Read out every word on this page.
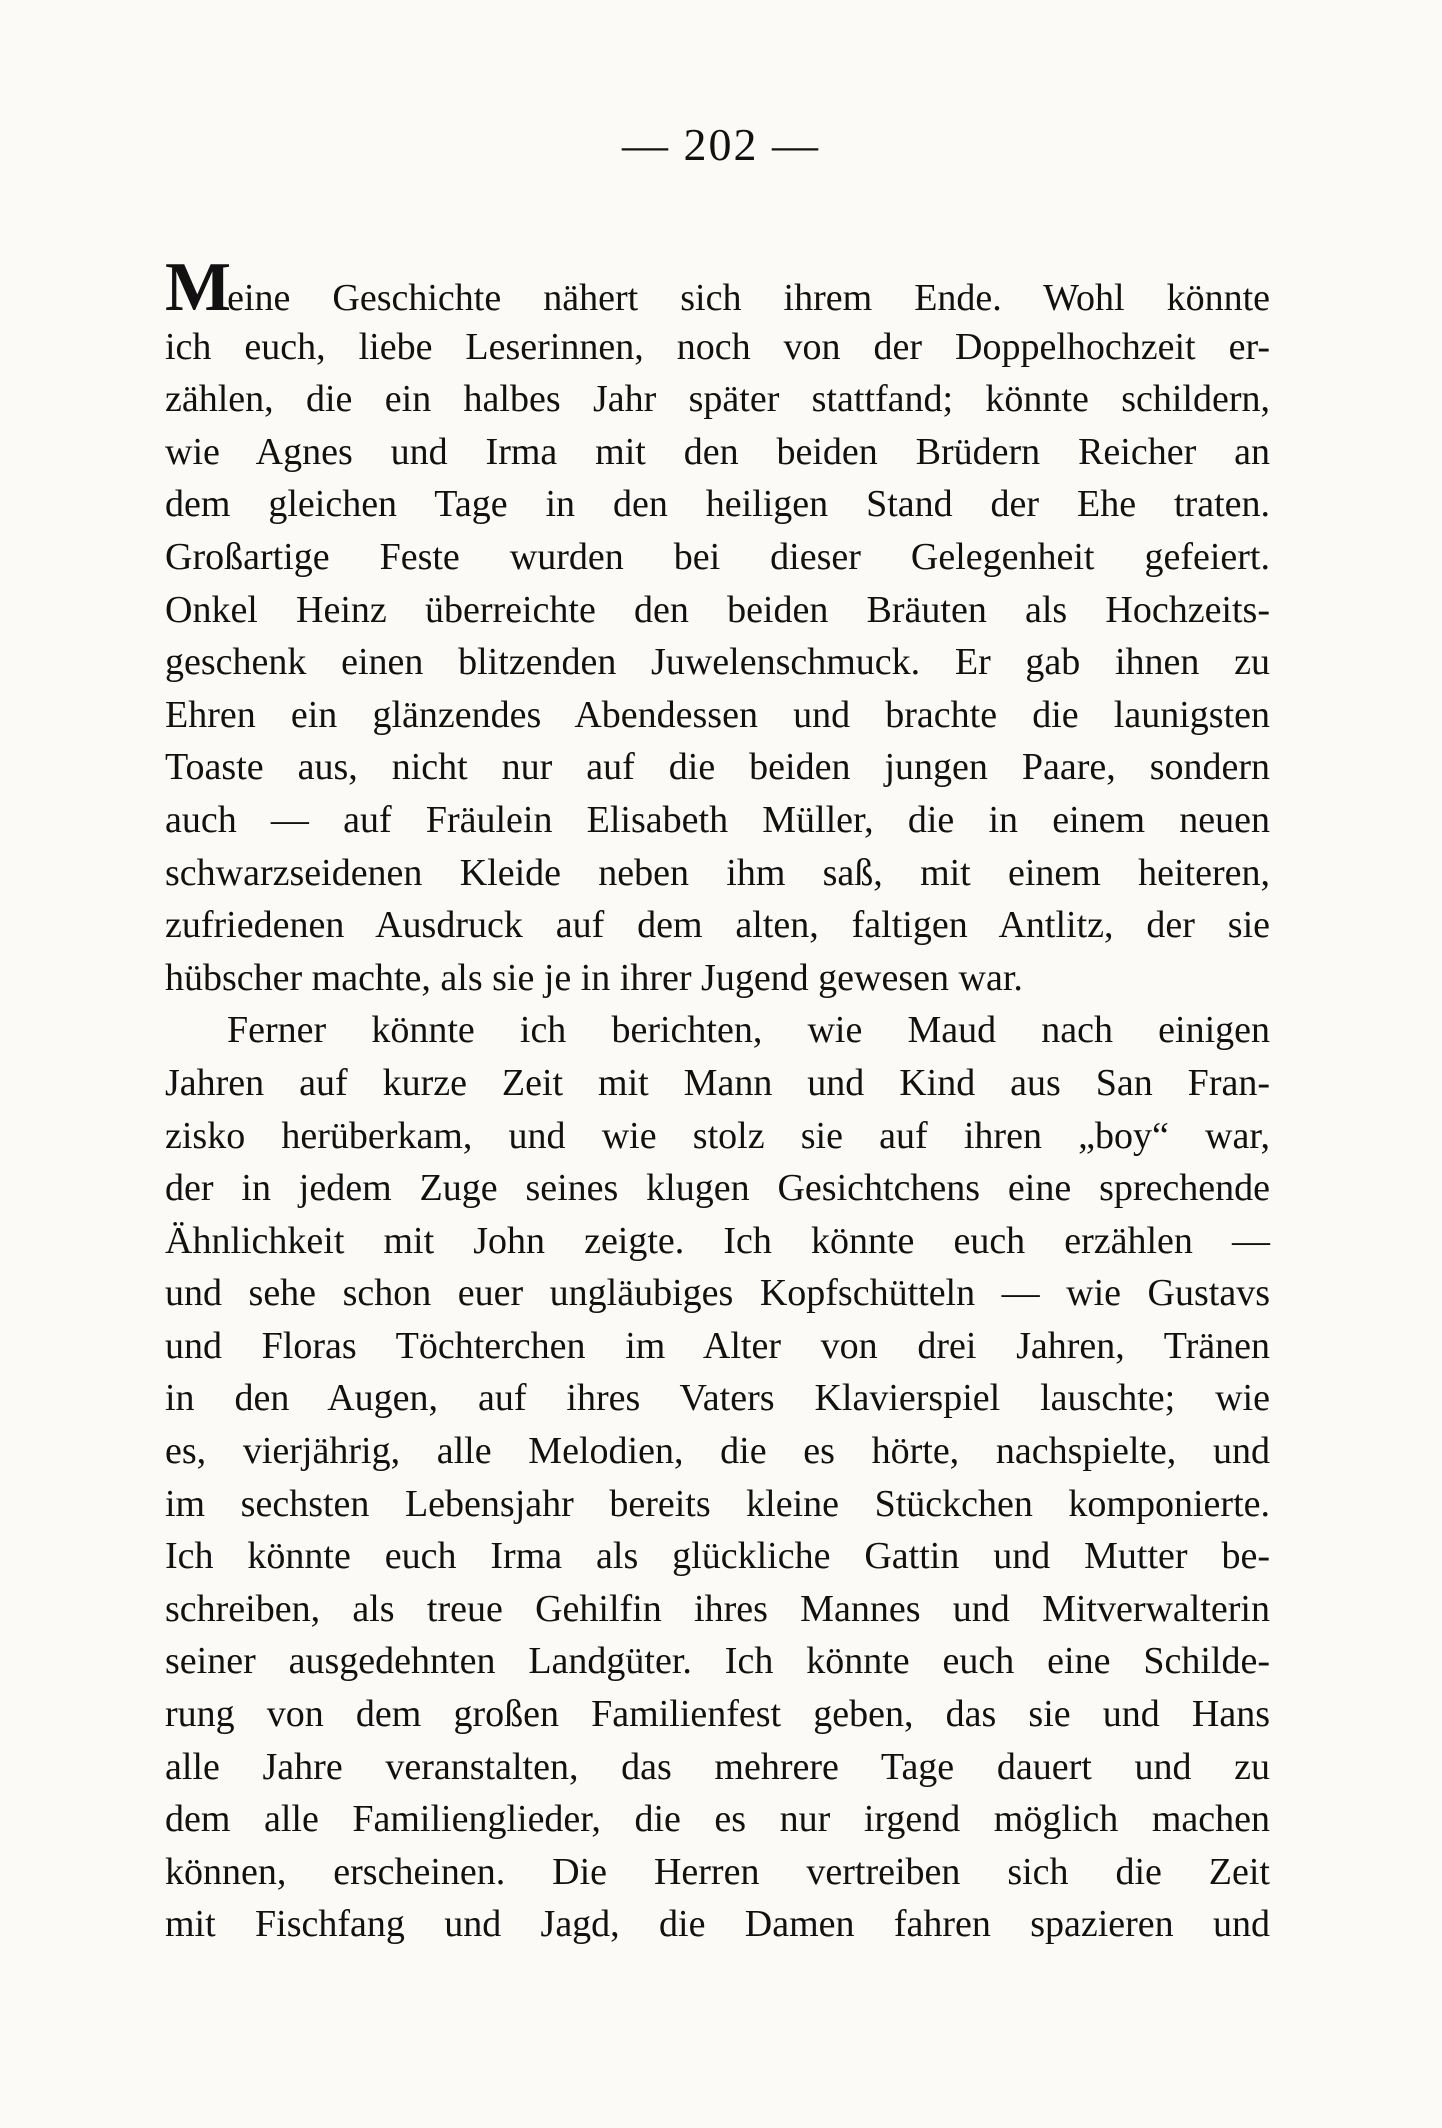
— 202 —
Meine Geschichte nähert sich ihrem Ende. Wohl könnte
ich euch, liebe Leserinnen, noch von der Doppelhochzeit er-
zählen, die ein halbes Jahr später stattfand; könnte schildern,
wie Agnes und Irma mit den beiden Brüdern Reicher an
dem gleichen Tage in den heiligen Stand der Ehe traten.
Großartige Feste wurden bei dieser Gelegenheit gefeiert.
Onkel Heinz überreichte den beiden Bräuten als Hochzeits-
geschenk einen blitzenden Juwelenschmuck. Er gab ihnen zu
Ehren ein glänzendes Abendessen und brachte die launigsten
Toaste aus, nicht nur auf die beiden jungen Paare, sondern
auch — auf Fräulein Elisabeth Müller, die in einem neuen
schwarzseidenen Kleide neben ihm saß, mit einem heiteren,
zufriedenen Ausdruck auf dem alten, faltigen Antlitz, der sie
hübscher machte, als sie je in ihrer Jugend gewesen war.
Ferner könnte ich berichten, wie Maud nach einigen
Jahren auf kurze Zeit mit Mann und Kind aus San Fran-
zisko herüberkam, und wie stolz sie auf ihren „boy“ war,
der in jedem Zuge seines klugen Gesichtchens eine sprechende
Ähnlichkeit mit John zeigte. Ich könnte euch erzählen —
und sehe schon euer ungläubiges Kopfschütteln — wie Gustavs
und Floras Töchterchen im Alter von drei Jahren, Tränen
in den Augen, auf ihres Vaters Klavierspiel lauschte; wie
es, vierjährig, alle Melodien, die es hörte, nachspielte, und
im sechsten Lebensjahr bereits kleine Stückchen komponierte.
Ich könnte euch Irma als glückliche Gattin und Mutter be-
schreiben, als treue Gehilfin ihres Mannes und Mitverwalterin
seiner ausgedehnten Landgüter. Ich könnte euch eine Schilde-
rung von dem großen Familienfest geben, das sie und Hans
alle Jahre veranstalten, das mehrere Tage dauert und zu
dem alle Familienglieder, die es nur irgend möglich machen
können, erscheinen. Die Herren vertreiben sich die Zeit
mit Fischfang und Jagd, die Damen fahren spazieren und
